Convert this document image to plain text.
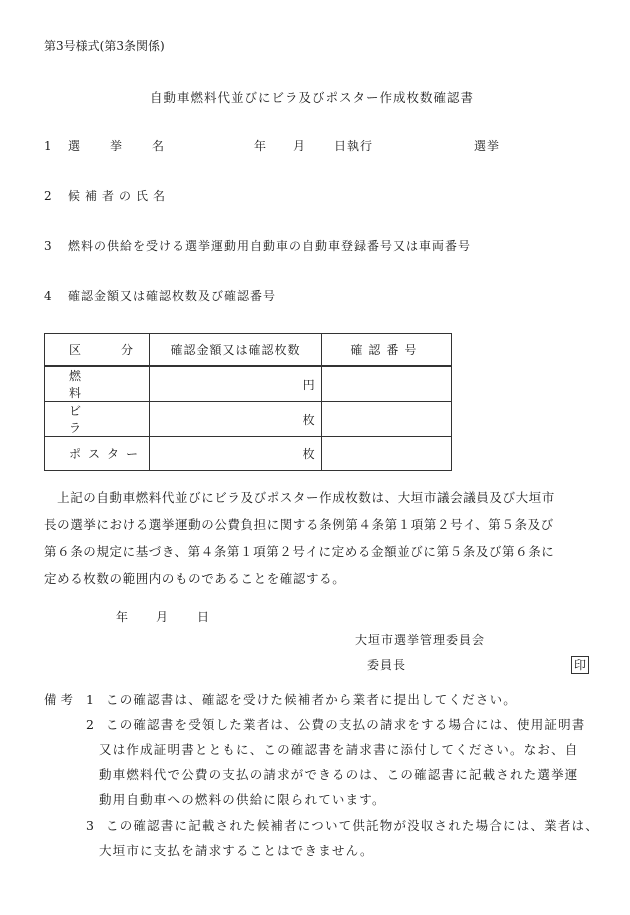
第3号様式(第3条関係)
自動車燃料代並びにビラ及びポスター作成枚数確認書
1 選　挙　名	年 月 日執行	選挙
2 候補者の氏名
3 燃料の供給を受ける選挙運動用自動車の自動車登録番号又は車両番号
4 確認金額又は確認枚数及び確認番号
区　分	確認金額又は確認枚数	確認番号

燃料	円	

ビラ	枚	

ポスター	枚	

　上記の自動車燃料代並びにビラ及びポスター作成枚数は、大垣市議会議員及び大垣市
長の選挙における選挙運動の公費負担に関する条例第４条第１項第２号イ、第５条及び
第６条の規定に基づき、第４条第１項第２号イに定める金額並びに第５条及び第６条に
定める枚数の範囲内のものであることを確認する。
年 月 日
大垣市選挙管理委員会
委員長	印
備考 1 この確認書は、確認を受けた候補者から業者に提出してください。
2 この確認書を受領した業者は、公費の支払の請求をする場合には、使用証明書
又は作成証明書とともに、この確認書を請求書に添付してください。なお、自
動車燃料代で公費の支払の請求ができるのは、この確認書に記載された選挙運
動用自動車への燃料の供給に限られています。
3 この確認書に記載された候補者について供託物が没収された場合には、業者は、
大垣市に支払を請求することはできません。
